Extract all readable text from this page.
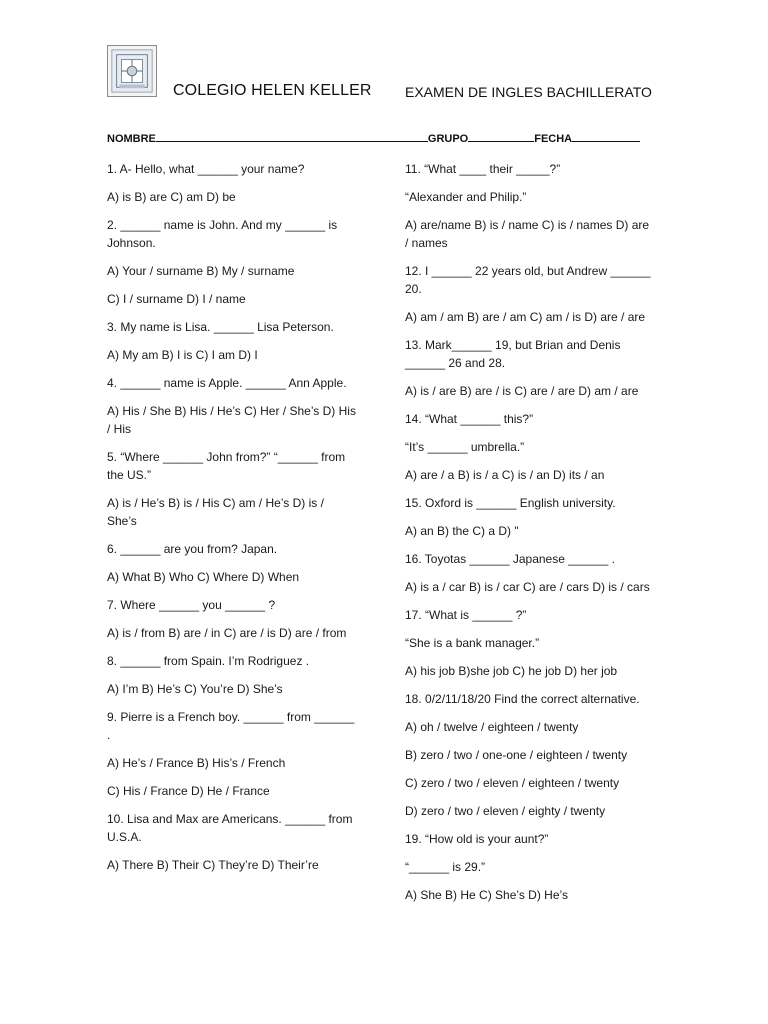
COLEGIO HELEN KELLER EXAMEN DE INGLES BACHILLERATO
NOMBRE	GRUPO	FECHA

1. A- Hello, what ______ your name?

A) is B) are C) am D) be

2. ______ name is John. And my ______ is Johnson.

A) Your / surname B) My / surname

C) I / surname D) I / name

3. My name is Lisa. ______ Lisa Peterson.

A) My am B) I is C) I am D) I

4. ______ name is Apple. ______ Ann Apple.

A) His / She B) His / He’s C) Her / She’s D) His / His

5. “Where ______ John from?” “______ from the US.”

A) is / He’s B) is / His C) am / He’s D) is / She’s

6. ______ are you from? Japan.

A) What B) Who C) Where D) When

7. Where ______ you ______ ?

A) is / from B) are / in C) are / is D) are / from

8. ______ from Spain. I’m Rodriguez .

A) I’m B) He’s C) You’re D) She’s

9. Pierre is a French boy. ______ from ______ .

A) He’s / France B) His’s / French

C) His / France D) He / France

10. Lisa and Max are Americans. ______ from U.S.A.

A) There B) Their C) They’re D) Their’re

11. “What ____ their _____?”

“Alexander and Philip.”

A) are/name B) is / name C) is / names D) are / names

12. I ______ 22 years old, but Andrew ______ 20.

A) am / am B) are / am C) am / is D) are / are

13. Mark______ 19, but Brian and Denis ______ 26 and 28.

A) is / are B) are / is C) are / are D) am / are

14. “What ______ this?”

“It’s ______ umbrella.”

A) are / a B) is / a C) is / an D) its / an

15. Oxford is ______ English university.

A) an B) the C) a D) "

16. Toyotas ______ Japanese ______ .

A) is a / car B) is / car C) are / cars D) is / cars

17. “What is ______ ?”

“She is a bank manager.”

A) his job B)she job C) he job D) her job

18. 0/2/11/18/20 Find the correct alternative.

A) oh / twelve / eighteen / twenty

B) zero / two / one-one / eighteen / twenty

C) zero / two / eleven / eighteen / twenty

D) zero / two / eleven / eighty / twenty

19. “How old is your aunt?”

“______ is 29.”

A) She B) He C) She’s D) He’s
